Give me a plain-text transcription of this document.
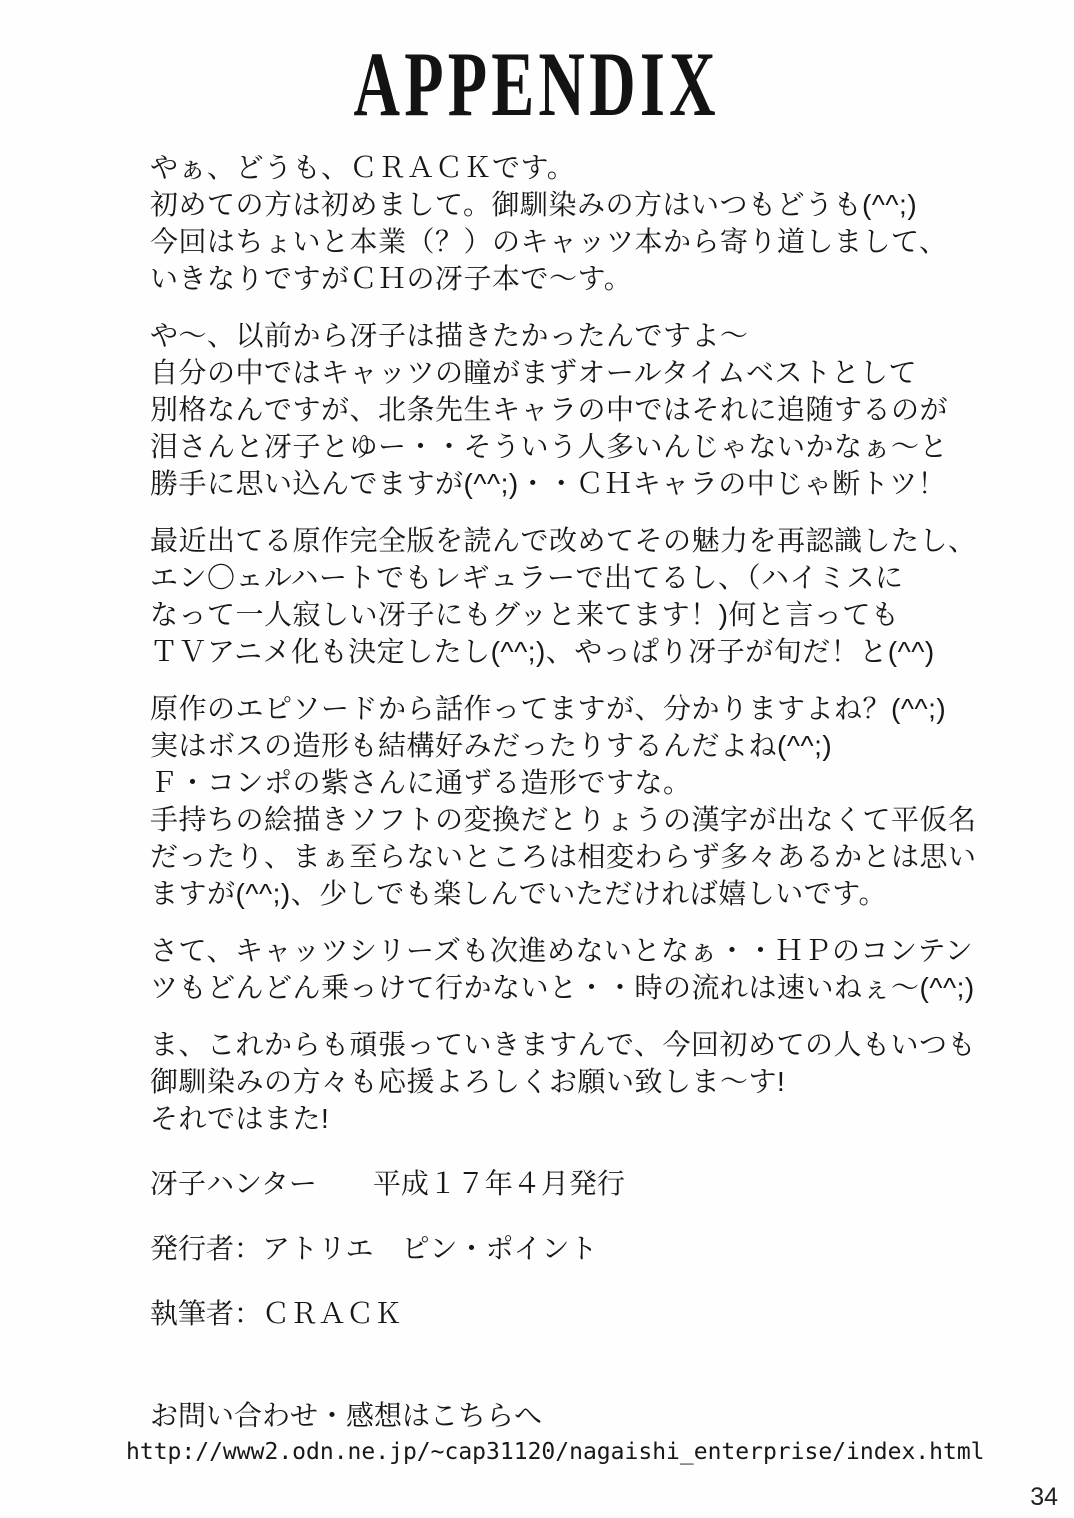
APPENDIX
やぁ、どうも、ＣＲＡＣＫです。
初めての方は初めまして。御馴染みの方はいつもどうも(^^;)
今回はちょいと本業（？）のキャッツ本から寄り道しまして、
いきなりですがＣＨの冴子本で～す。
や～、以前から冴子は描きたかったんですよ～
自分の中ではキャッツの瞳がまずオールタイムベストとして
別格なんですが、北条先生キャラの中ではそれに追随するのが
泪さんと冴子とゆー・・そういう人多いんじゃないかなぁ～と
勝手に思い込んでますが(^^;)・・ＣＨキャラの中じゃ断トツ！
最近出てる原作完全版を読んで改めてその魅力を再認識したし、
エン〇ェルハートでもレギュラーで出てるし、（ハイミスに
なって一人寂しい冴子にもグッと来てます！)何と言っても
ＴＶアニメ化も決定したし(^^;)、やっぱり冴子が旬だ！と(^^)
原作のエピソードから話作ってますが、分かりますよね？(^^;)
実はボスの造形も結構好みだったりするんだよね(^^;)
Ｆ・コンポの紫さんに通ずる造形ですな。
手持ちの絵描きソフトの変換だとりょうの漢字が出なくて平仮名
だったり、まぁ至らないところは相変わらず多々あるかとは思い
ますが(^^;)、少しでも楽しんでいただければ嬉しいです。
さて、キャッツシリーズも次進めないとなぁ・・ＨＰのコンテン
ツもどんどん乗っけて行かないと・・時の流れは速いねぇ～(^^;)
ま、これからも頑張っていきますんで、今回初めての人もいつも
御馴染みの方々も応援よろしくお願い致しま～す!
それではまた!
冴子ハンター　　平成１７年４月発行
発行者：アトリエ　ピン・ポイント
執筆者：ＣＲＡＣＫ
お問い合わせ・感想はこちらへ
http://www2.odn.ne.jp/~cap31120/nagaishi_enterprise/index.html
34
